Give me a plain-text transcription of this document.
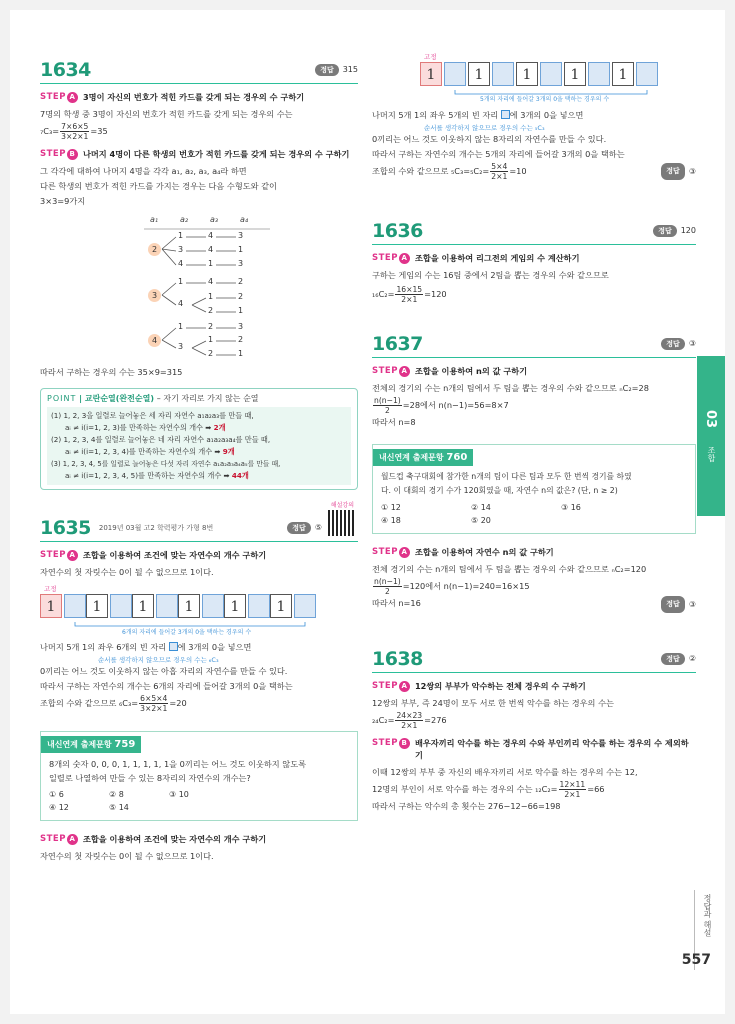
1634	정답	315
STEP A 3명이 자신의 번호가 적힌 카드를 갖게 되는 경우의 수 구하기
7명의 학생 중 3명이 자신의 번호가 적힌 카드를 갖게 되는 경우의 수는
$_7C_3= \frac{7\times 6\times 5}{3\times 2\times 1} =35$
STEP B 나머지 4명이 다른 학생의 번호가 적힌 카드를 갖게 되는 경우의 수 구하기
그 각각에 대하여 나머지 4명을 각각 a₁, a₂, a₃, a₄라 하면
다른 학생의 번호가 적힌 카드를 가지는 경우는 다음 수형도와 같이
3×3=9가지
a₁	a₂	a₃	a₄
2
3
4
1	4	3
3	4	1
4	1	3
1	4	2
4
1	2
2	1
1	2	3
3
1	2
2	1
따라서 구하는 경우의 수는 35×9=315
POINT | 교란순열(완전순열) – 자기 자리로 가지 않는 순열
(1) 1, 2, 3을 일렬로 늘어놓은 세 자리 자연수 a₁a₂a₃를 만들 때,
aᵢ ≠ i(i=1, 2, 3)를 만족하는 자연수의 개수 ➡ 2개
(2) 1, 2, 3, 4를 일렬로 늘어놓은 네 자리 자연수 a₁a₂a₃a₄를 만들 때,
aᵢ ≠ i(i=1, 2, 3, 4)를 만족하는 자연수의 개수 ➡ 9개
(3) 1, 2, 3, 4, 5를 일렬로 늘어놓은 다섯 자리 자연수 a₁a₂a₃a₄a₅를 만들 때,
aᵢ ≠ i(i=1, 2, 3, 4, 5)를 만족하는 자연수의 개수 ➡ 44개
1635 2019년 03월 고2 학력평가 가형 8번	정답	⑤
해설강의
STEP A 조합을 이용하여 조건에 맞는 자연수의 개수 구하기
자연수의 첫 자릿수는 0이 될 수 없으므로 1이다.
고정
1	1	1	1	1	1
6개의 자리에 들어갈 3개의 0을 택하는 경우의 수
나머지 5개 1의 좌우 6개의 빈 자리 에 3개의 0을 넣으면
순서를 생각하지 않으므로 경우의 수는 ₆C₃
0끼리는 어느 것도 이웃하지 않는 아홉 자리의 자연수를 만들 수 있다.
따라서 구하는 자연수의 개수는 6개의 자리에 들어갈 3개의 0을 택하는
조합의 수와 같으므로 $_6C_3= \frac{6\times 5\times 4}{3\times 2\times 1} =20$
내신연계 출제문항 759
8개의 숫자 0, 0, 0, 1, 1, 1, 1, 1을 0끼리는 어느 것도 이웃하지 않도록
일렬로 나열하여 만들 수 있는 8자리의 자연수의 개수는?
① 6	② 8	③ 10
④ 12	⑤ 14
STEP A 조합을 이용하여 조건에 맞는 자연수의 개수 구하기
자연수의 첫 자릿수는 0이 될 수 없으므로 1이다.
고정
1	1	1	1	1
5개의 자리에 들어갈 3개의 0을 택하는 경우의 수
나머지 5개 1의 좌우 5개의 빈 자리 에 3개의 0을 넣으면
순서를 생각하지 않으므로 경우의 수는 ₅C₃
0끼리는 어느 것도 이웃하지 않는 8자리의 자연수를 만들 수 있다.
따라서 구하는 자연수의 개수는 5개의 자리에 들어갈 3개의 0을 택하는
조합의 수와 같으므로 $_5C_3=_5C_2= \frac{5\times 4}{2\times 1} =10$	정답	③
1636	정답	120
STEP A 조합을 이용하여 리그전의 게임의 수 계산하기
구하는 게임의 수는 16팀 중에서 2팀을 뽑는 경우의 수와 같으므로
$_{16}C_2= \frac{16\times 15}{2\times 1} =120$
1637	정답	③
STEP A 조합을 이용하여 n의 값 구하기
전체의 경기의 수는 n개의 팀에서 두 팀을 뽑는 경우의 수와 같으므로 ₙC₂=28
$\frac{n(n-1)}{2} =28$에서 n(n−1)=56=8×7
따라서 n=8
내신연계 출제문항 760
월드컵 축구대회에 참가한 n개의 팀이 다른 팀과 모두 한 번씩 경기를 하였
다. 이 대회의 경기 수가 120회였을 때, 자연수 n의 값은? (단, n ≥ 2)
① 12	② 14	③ 16
④ 18	⑤ 20
STEP A 조합을 이용하여 자연수 n의 값 구하기
전체 경기의 수는 n개의 팀에서 두 팀을 뽑는 경우의 수와 같으므로 ₙC₂=120
$\frac{n(n-1)}{2} =120$에서 n(n−1)=240=16×15
따라서 n=16	정답	③
1638	정답	②
STEP A 12쌍의 부부가 악수하는 전체 경우의 수 구하기
12쌍의 부부, 즉 24명이 모두 서로 한 번씩 악수를 하는 경우의 수는
$_{24}C_2= \frac{24\times 23}{2\times 1} =276$
STEP B 배우자끼리 악수를 하는 경우의 수와 부인끼리 악수를 하는 경우의 수 제외하기
이때 12쌍의 부부 중 자신의 배우자끼리 서로 악수를 하는 경우의 수는 12,
12명의 부인이 서로 악수를 하는 경우의 수는 $_{12}C_2= \frac{12\times 11}{2\times 1} =66$
따라서 구하는 악수의 총 횟수는 276−12−66=198
03
조합
정답과 해설
557
